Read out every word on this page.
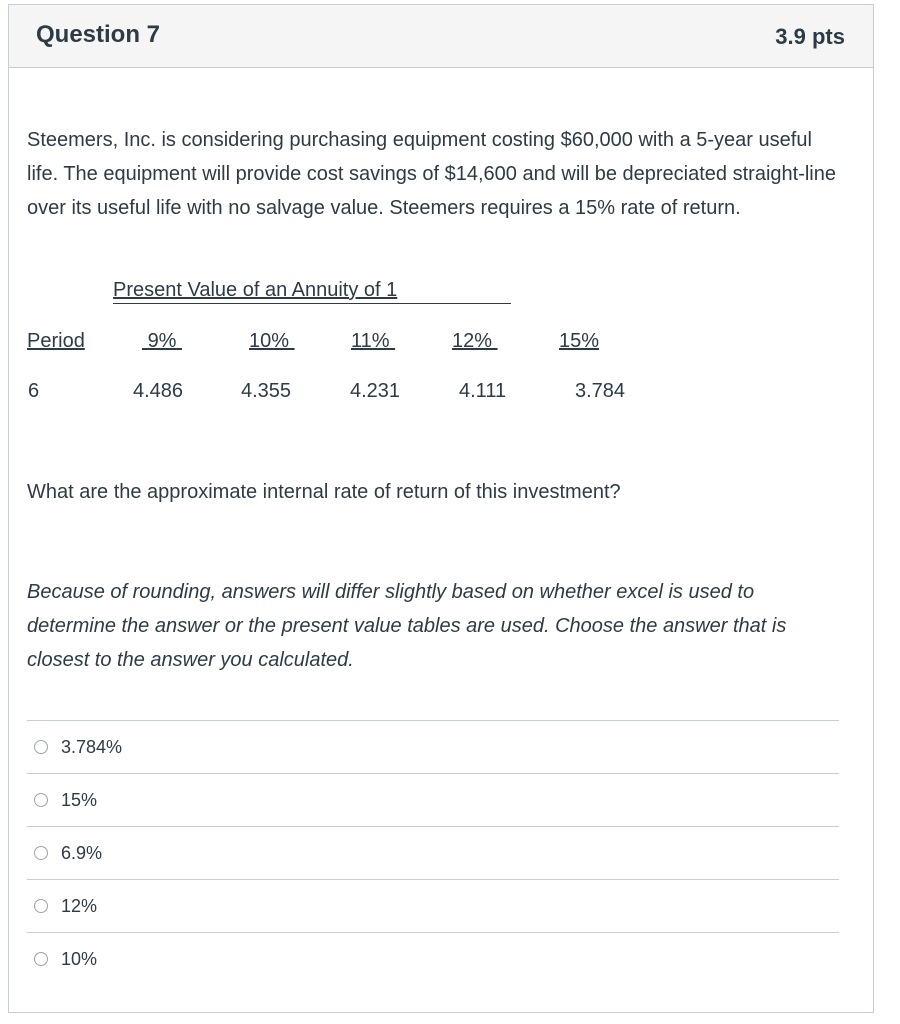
Question 7	3.9 pts

Steemers, Inc. is considering purchasing equipment costing $60,000 with a 5-year useful life. The equipment will provide cost savings of $14,600 and will be depreciated straight-line over its useful life with no salvage value. Steemers requires a 15% rate of return.

Present Value of an Annuity of 1
Period	9%	10%	11%	12%	15%
6	4.486	4.355	4.231	4.111	3.784

What are the approximate internal rate of return of this investment?

Because of rounding, answers will differ slightly based on whether excel is used to determine the answer or the present value tables are used. Choose the answer that is closest to the answer you calculated.

3.784%
15%
6.9%
12%
10%
